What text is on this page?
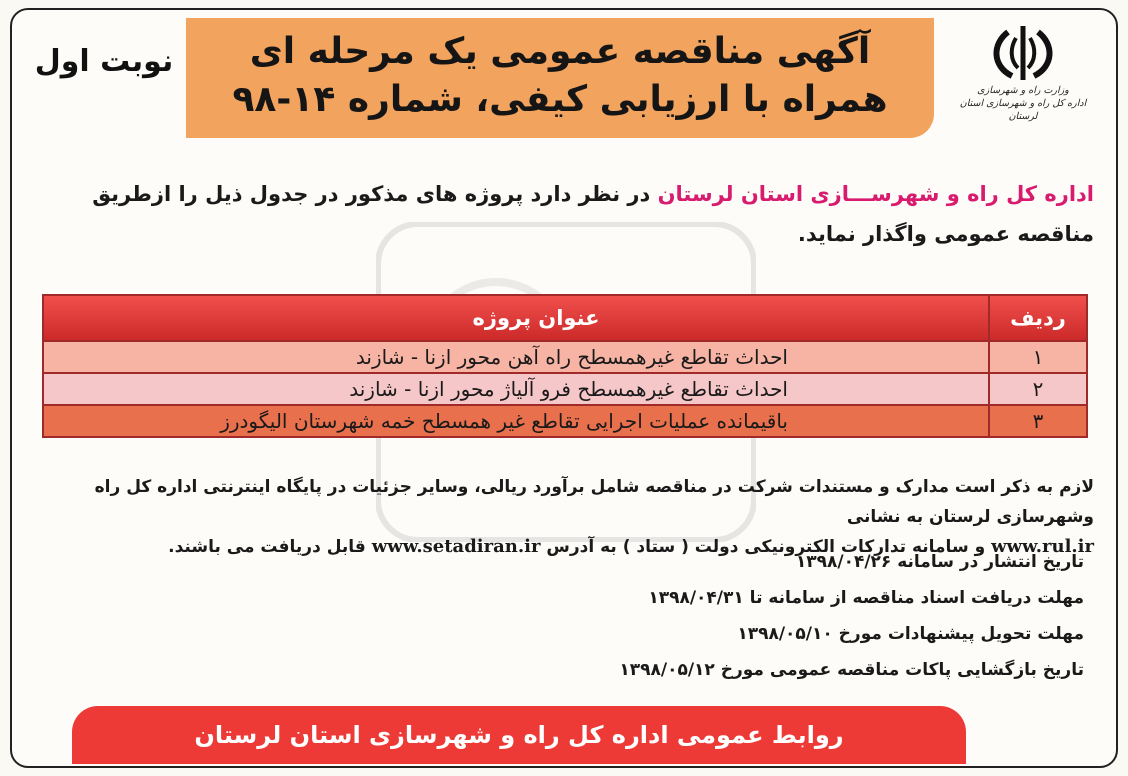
وزارت راه و شهرسازی
اداره کل راه و شهرسازی استان لرستان
آگهی مناقصه عمومی یک مرحله ای
همراه با ارزیابی کیفی، شماره ۱۴-۹۸
نوبت اول
اداره کل راه و شهرســـازی استان لرستان در نظر دارد پروژه های مذکور در جدول ذیل را ازطریق
مناقصه عمومی واگذار نماید.
ردیف
عنوان پروژه
۱
احداث تقاطع غیرهمسطح راه آهن محور ازنا - شازند
۲
احداث تقاطع غیرهمسطح فرو آلیاژ محور ازنا - شازند
۳
باقیمانده عملیات اجرایی تقاطع غیر همسطح خمه شهرستان الیگودرز
لازم به ذکر است مدارک و مستندات شرکت در مناقصه شامل برآورد ریالی، وسایر جزئیات در پایگاه اینترنتی اداره کل راه وشهرسازی لرستان به نشانی
www.rul.ir و سامانه تدارکات الکترونیکی دولت ( ستاد ) به آدرس www.setadiran.ir قابل دریافت می باشند.
تاریخ انتشار در سامانه ۱۳۹۸/۰۴/۲۶
مهلت دریافت اسناد مناقصه از سامانه تا ۱۳۹۸/۰۴/۳۱
مهلت تحویل پیشنهادات مورخ ۱۳۹۸/۰۵/۱۰
تاریخ بازگشایی پاکات مناقصه عمومی مورخ ۱۳۹۸/۰۵/۱۲
روابط عمومی اداره کل راه و شهرسازی استان لرستان
